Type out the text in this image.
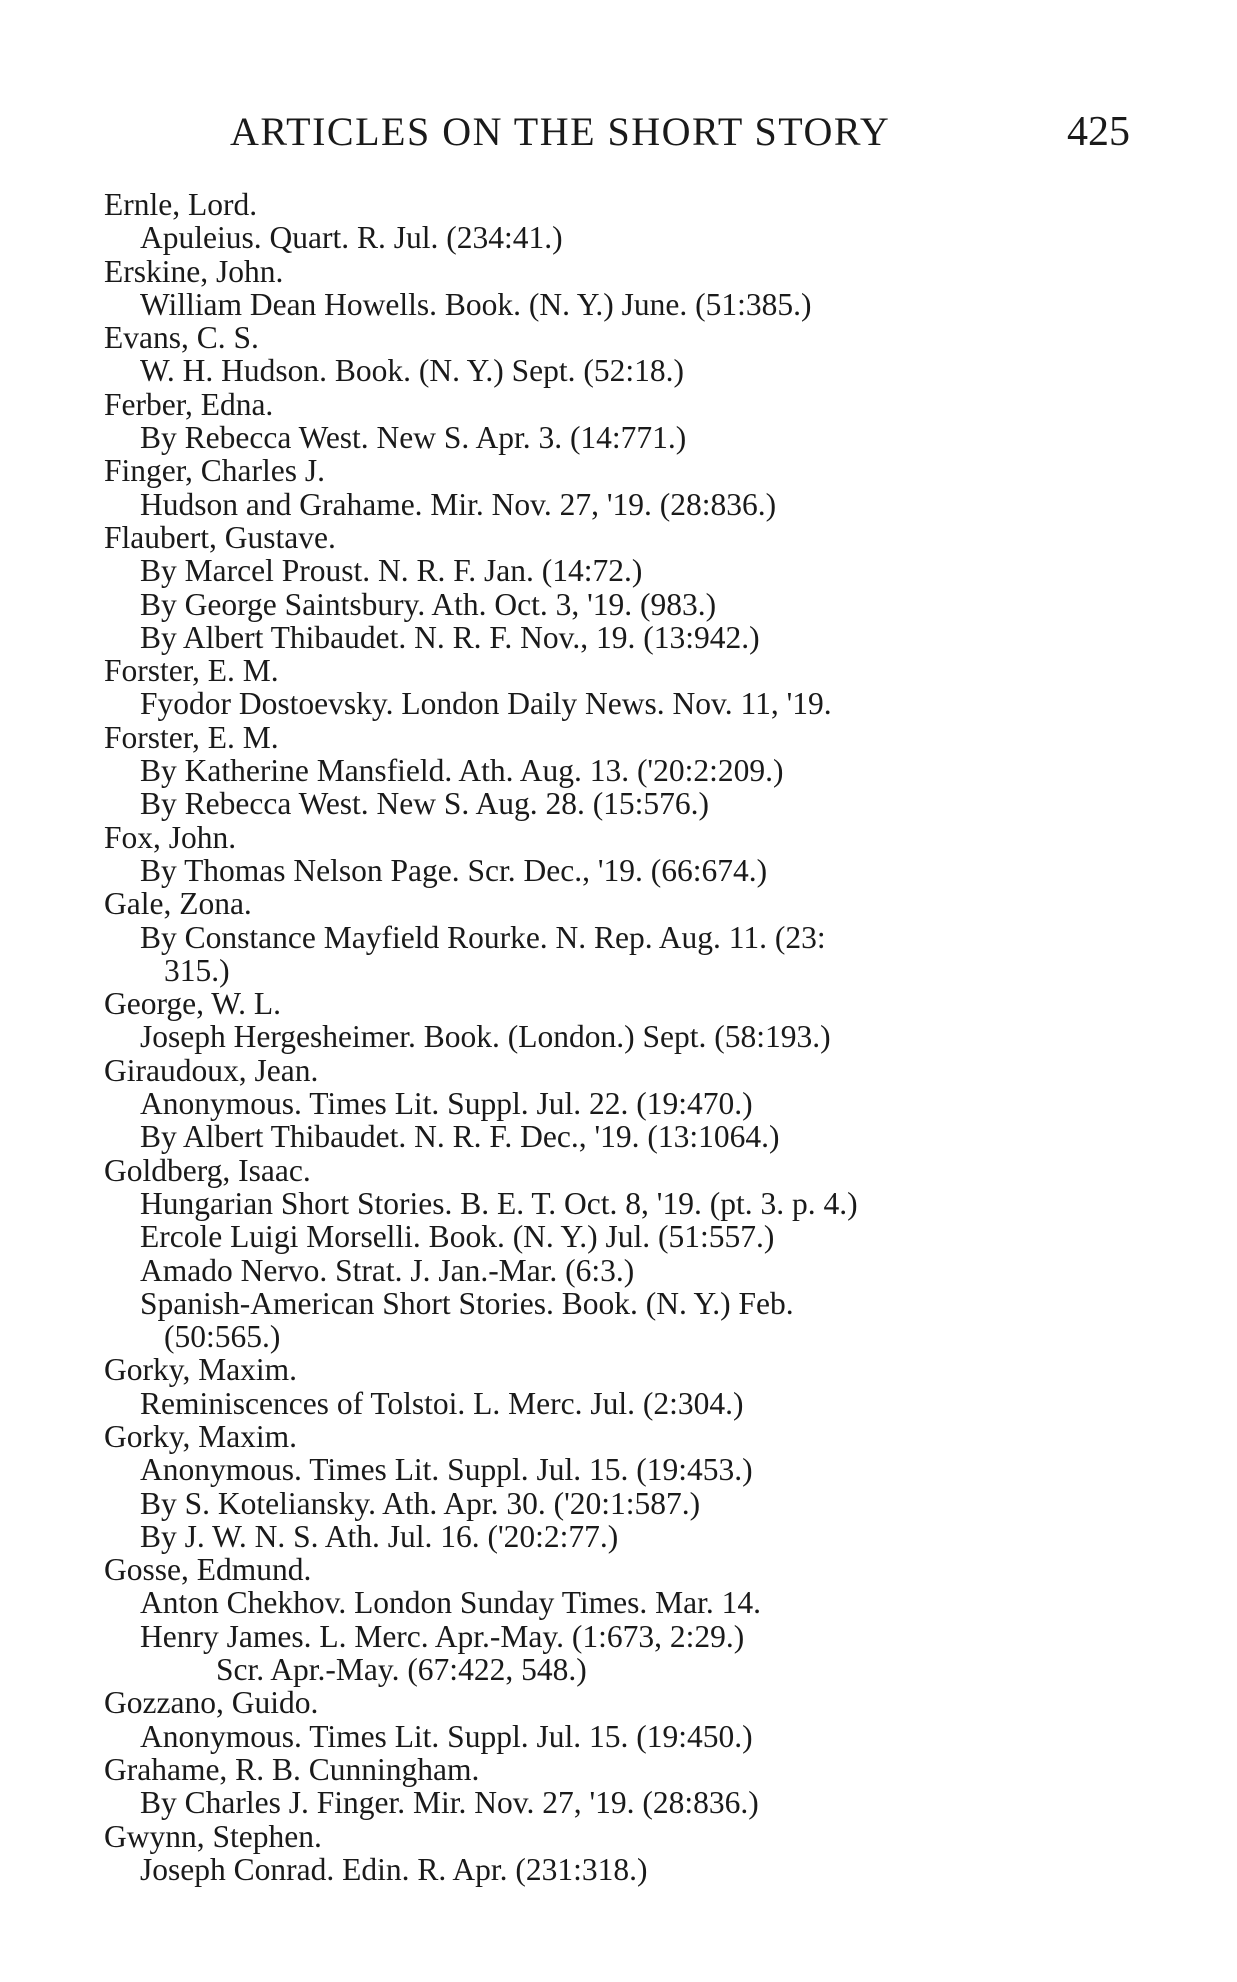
ARTICLES ON THE SHORT STORY	425
Ernle, Lord.
Apuleius. Quart. R. Jul. (234:41.)
Erskine, John.
William Dean Howells. Book. (N. Y.) June. (51:385.)
Evans, C. S.
W. H. Hudson. Book. (N. Y.) Sept. (52:18.)
Ferber, Edna.
By Rebecca West. New S. Apr. 3. (14:771.)
Finger, Charles J.
Hudson and Grahame. Mir. Nov. 27, '19. (28:836.)
Flaubert, Gustave.
By Marcel Proust. N. R. F. Jan. (14:72.)
By George Saintsbury. Ath. Oct. 3, '19. (983.)
By Albert Thibaudet. N. R. F. Nov., 19. (13:942.)
Forster, E. M.
Fyodor Dostoevsky. London Daily News. Nov. 11, '19.
Forster, E. M.
By Katherine Mansfield. Ath. Aug. 13. ('20:2:209.)
By Rebecca West. New S. Aug. 28. (15:576.)
Fox, John.
By Thomas Nelson Page. Scr. Dec., '19. (66:674.)
Gale, Zona.
By Constance Mayfield Rourke. N. Rep. Aug. 11. (23:
315.)
George, W. L.
Joseph Hergesheimer. Book. (London.) Sept. (58:193.)
Giraudoux, Jean.
Anonymous. Times Lit. Suppl. Jul. 22. (19:470.)
By Albert Thibaudet. N. R. F. Dec., '19. (13:1064.)
Goldberg, Isaac.
Hungarian Short Stories. B. E. T. Oct. 8, '19. (pt. 3. p. 4.)
Ercole Luigi Morselli. Book. (N. Y.) Jul. (51:557.)
Amado Nervo. Strat. J. Jan.-Mar. (6:3.)
Spanish-American Short Stories. Book. (N. Y.) Feb.
(50:565.)
Gorky, Maxim.
Reminiscences of Tolstoi. L. Merc. Jul. (2:304.)
Gorky, Maxim.
Anonymous. Times Lit. Suppl. Jul. 15. (19:453.)
By S. Koteliansky. Ath. Apr. 30. ('20:1:587.)
By J. W. N. S. Ath. Jul. 16. ('20:2:77.)
Gosse, Edmund.
Anton Chekhov. London Sunday Times. Mar. 14.
Henry James. L. Merc. Apr.-May. (1:673, 2:29.)
Scr. Apr.-May. (67:422, 548.)
Gozzano, Guido.
Anonymous. Times Lit. Suppl. Jul. 15. (19:450.)
Grahame, R. B. Cunningham.
By Charles J. Finger. Mir. Nov. 27, '19. (28:836.)
Gwynn, Stephen.
Joseph Conrad. Edin. R. Apr. (231:318.)
